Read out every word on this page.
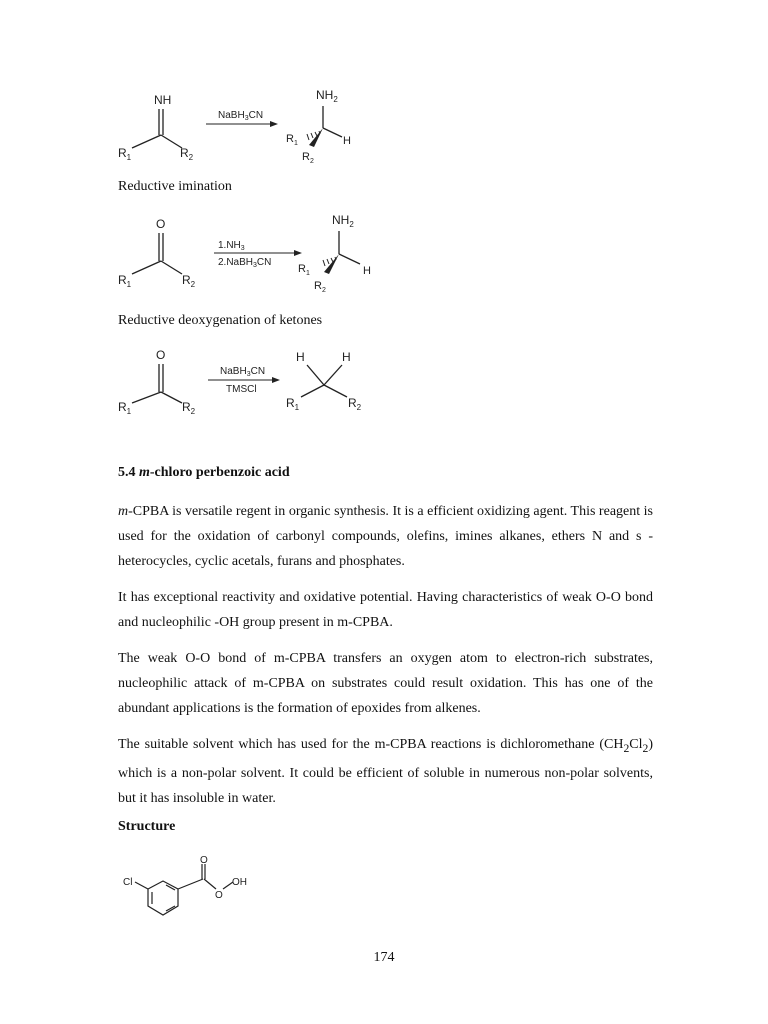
NH
$R_1$	$R_2$
NaBH$_3$CN
$NH_2$
H
$R_1$
$R_2$
Reductive imination
O
$R_1$	$R_2$
$1.NH_3$
2.NaBH$_3$CN
$NH_2$
H
$R_1$
$R_2$
Reductive deoxygenation of ketones
O
$R_1$	$R_2$
NaBH$_3$CN
TMSCl
H	H
$R_1$	$R_2$
5.4 m-chloro perbenzoic acid
m-CPBA is versatile regent in organic synthesis. It is a efficient oxidizing agent. This reagent is used for the oxidation of carbonyl compounds, olefins, imines alkanes, ethers N and s - heterocycles, cyclic acetals, furans and phosphates.
It has exceptional reactivity and oxidative potential. Having characteristics of weak O-O bond and nucleophilic -OH group present in m-CPBA.
The weak O-O bond of m-CPBA transfers an oxygen atom to electron-rich substrates, nucleophilic attack of m-CPBA on substrates could result oxidation. This has one of the abundant applications is the formation of epoxides from alkenes.
The suitable solvent which has used for the m-CPBA reactions is dichloromethane $(CH_2Cl_2)$ which is a non-polar solvent. It could be efficient of soluble in numerous non-polar solvents, but it has insoluble in water.
Structure
Cl
O
O
OH
174
